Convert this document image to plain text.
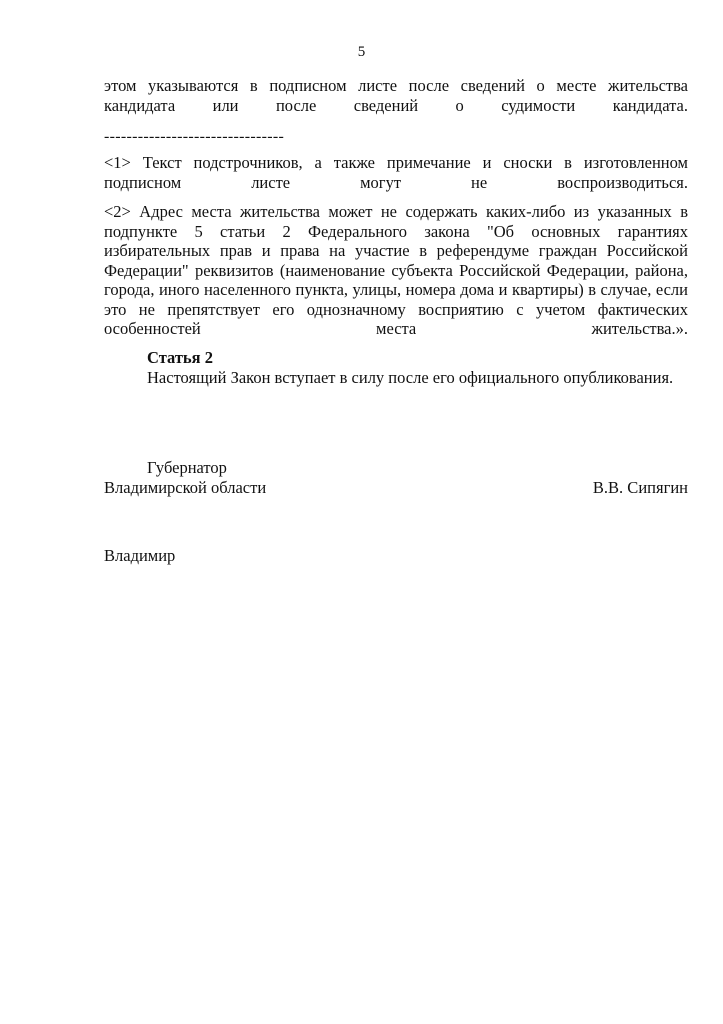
5

этом указываются в подписном листе после сведений о месте жительства кандидата или после сведений о судимости кандидата.

--------------------------------

<1> Текст подстрочников, а также примечание и сноски в изготовленном подписном листе могут не воспроизводиться.

<2> Адрес места жительства может не содержать каких-либо из указанных в подпункте 5 статьи 2 Федерального закона "Об основных гарантиях избирательных прав и права на участие в референдуме граждан Российской Федерации" реквизитов (наименование субъекта Российской Федерации, района, города, иного населенного пункта, улицы, номера дома и квартиры) в случае, если это не препятствует его однозначному восприятию с учетом фактических особенностей места жительства.».

Статья 2

Настоящий Закон вступает в силу после его официального опубликования.

Губернатор
Владимирской области	В.В. Сипягин
Владимир
